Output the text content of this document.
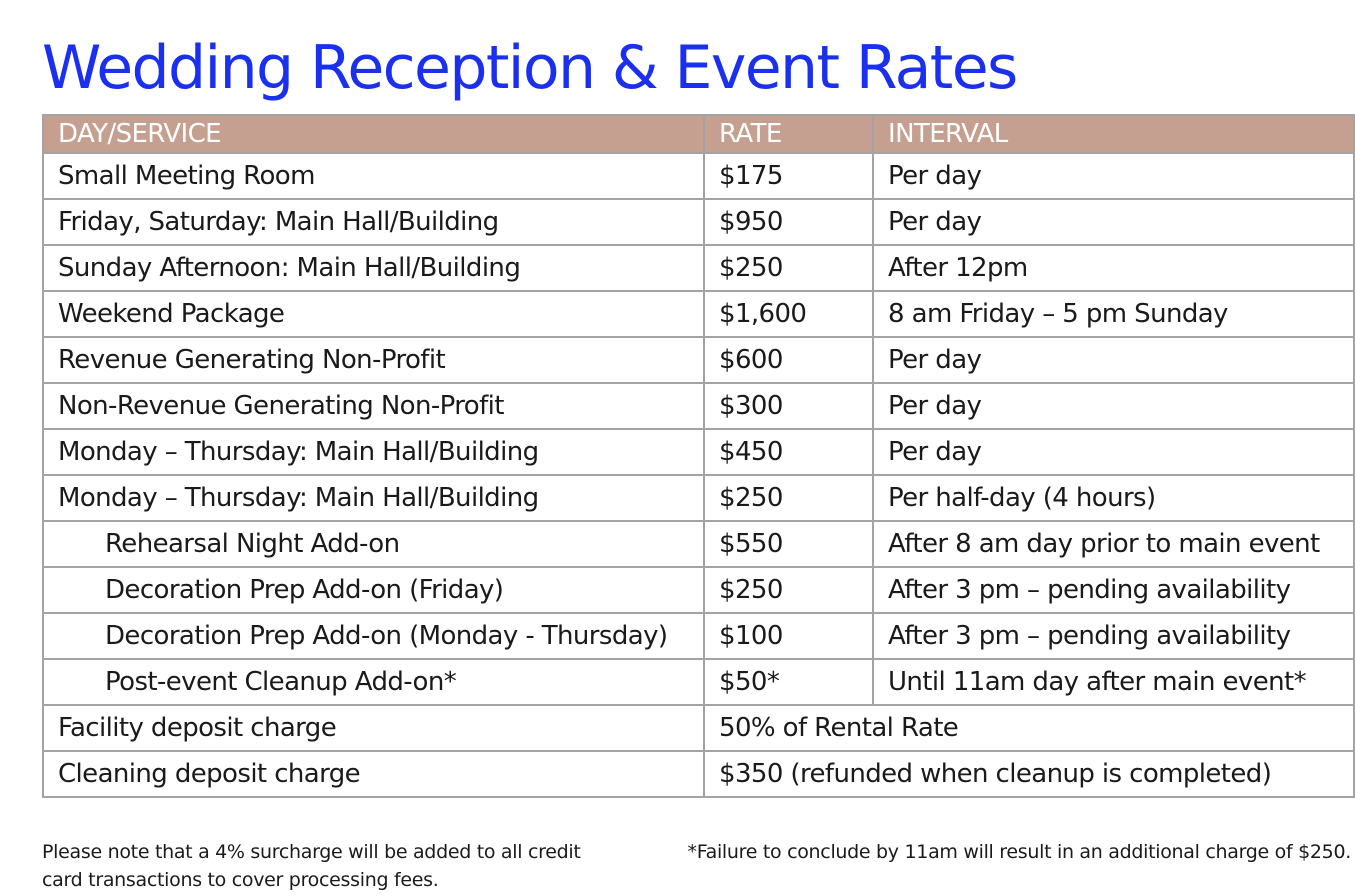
Wedding Reception & Event Rates
DAY/SERVICE	RATE	INTERVAL
Small Meeting Room	$175	Per day
Friday, Saturday: Main Hall/Building	$950	Per day
Sunday Afternoon: Main Hall/Building	$250	After 12pm
Weekend Package	$1,600	8 am Friday – 5 pm Sunday
Revenue Generating Non-Profit	$600	Per day
Non-Revenue Generating Non-Profit	$300	Per day
Monday – Thursday: Main Hall/Building	$450	Per day
Monday – Thursday: Main Hall/Building	$250	Per half-day (4 hours)
Rehearsal Night Add-on	$550	After 8 am day prior to main event
Decoration Prep Add-on (Friday)	$250	After 3 pm – pending availability
Decoration Prep Add-on (Monday - Thursday)	$100	After 3 pm – pending availability
Post-event Cleanup Add-on*	$50*	Until 11am day after main event*
Facility deposit charge	50% of Rental Rate	
Cleaning deposit charge	$350 (refunded when cleanup is completed)	
Please note that a 4% surcharge will be added to all credit card transactions to cover processing fees.
*Failure to conclude by 11am will result in an additional charge of $250.
